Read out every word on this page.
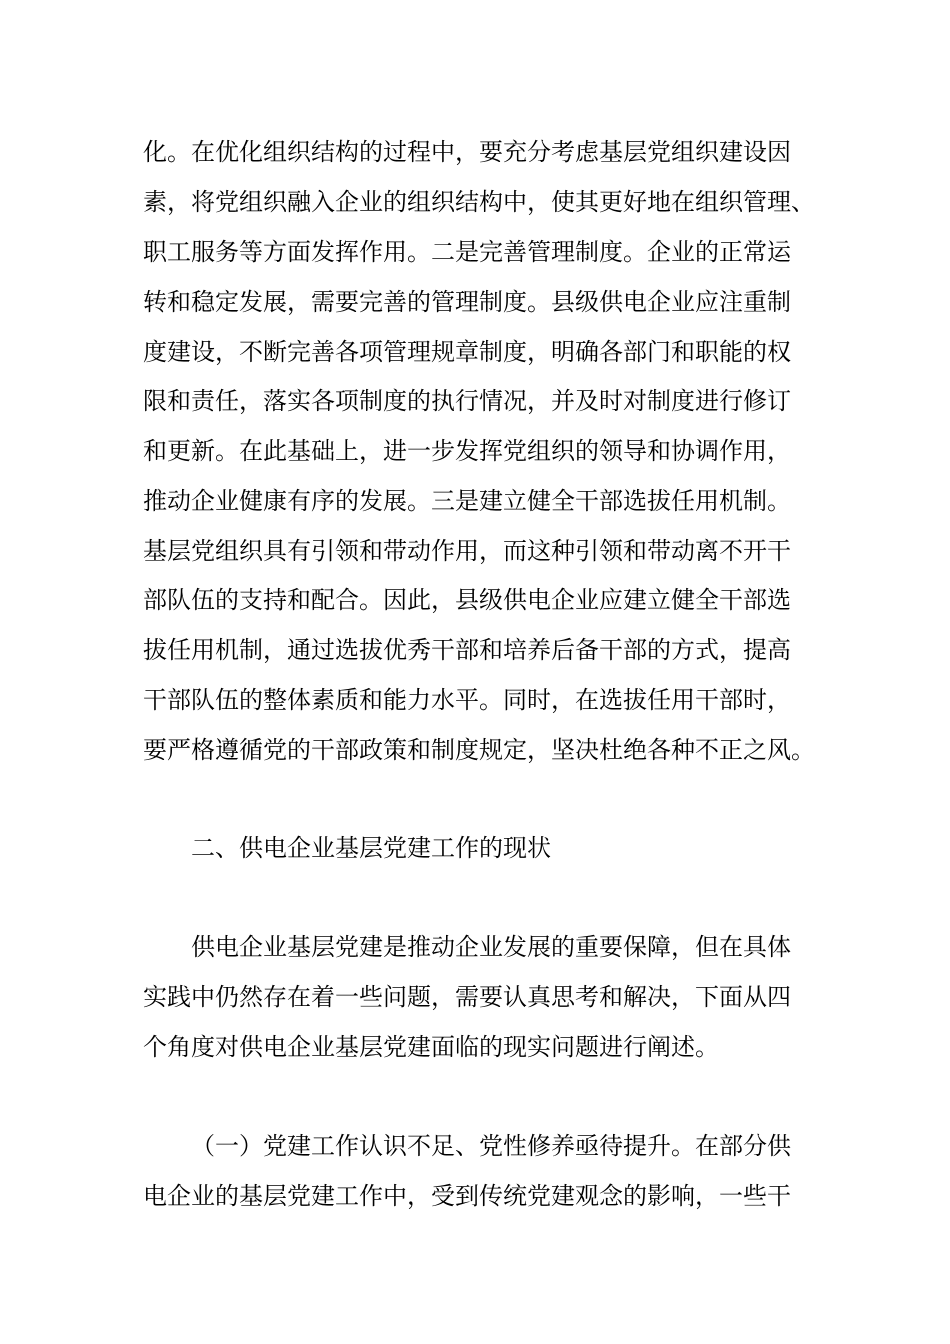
化。在优化组织结构的过程中，要充分考虑基层党组织建设因
素，将党组织融入企业的组织结构中，使其更好地在组织管理、
职工服务等方面发挥作用。二是完善管理制度。企业的正常运
转和稳定发展，需要完善的管理制度。县级供电企业应注重制
度建设，不断完善各项管理规章制度，明确各部门和职能的权
限和责任，落实各项制度的执行情况，并及时对制度进行修订
和更新。在此基础上，进一步发挥党组织的领导和协调作用，
推动企业健康有序的发展。三是建立健全干部选拔任用机制。
基层党组织具有引领和带动作用，而这种引领和带动离不开干
部队伍的支持和配合。因此，县级供电企业应建立健全干部选
拔任用机制，通过选拔优秀干部和培养后备干部的方式，提高
干部队伍的整体素质和能力水平。同时，在选拔任用干部时，
要严格遵循党的干部政策和制度规定，坚决杜绝各种不正之风。
二、供电企业基层党建工作的现状
供电企业基层党建是推动企业发展的重要保障，但在具体
实践中仍然存在着一些问题，需要认真思考和解决，下面从四
个角度对供电企业基层党建面临的现实问题进行阐述。
（一）党建工作认识不足、党性修养亟待提升。在部分供
电企业的基层党建工作中，受到传统党建观念的影响，一些干
